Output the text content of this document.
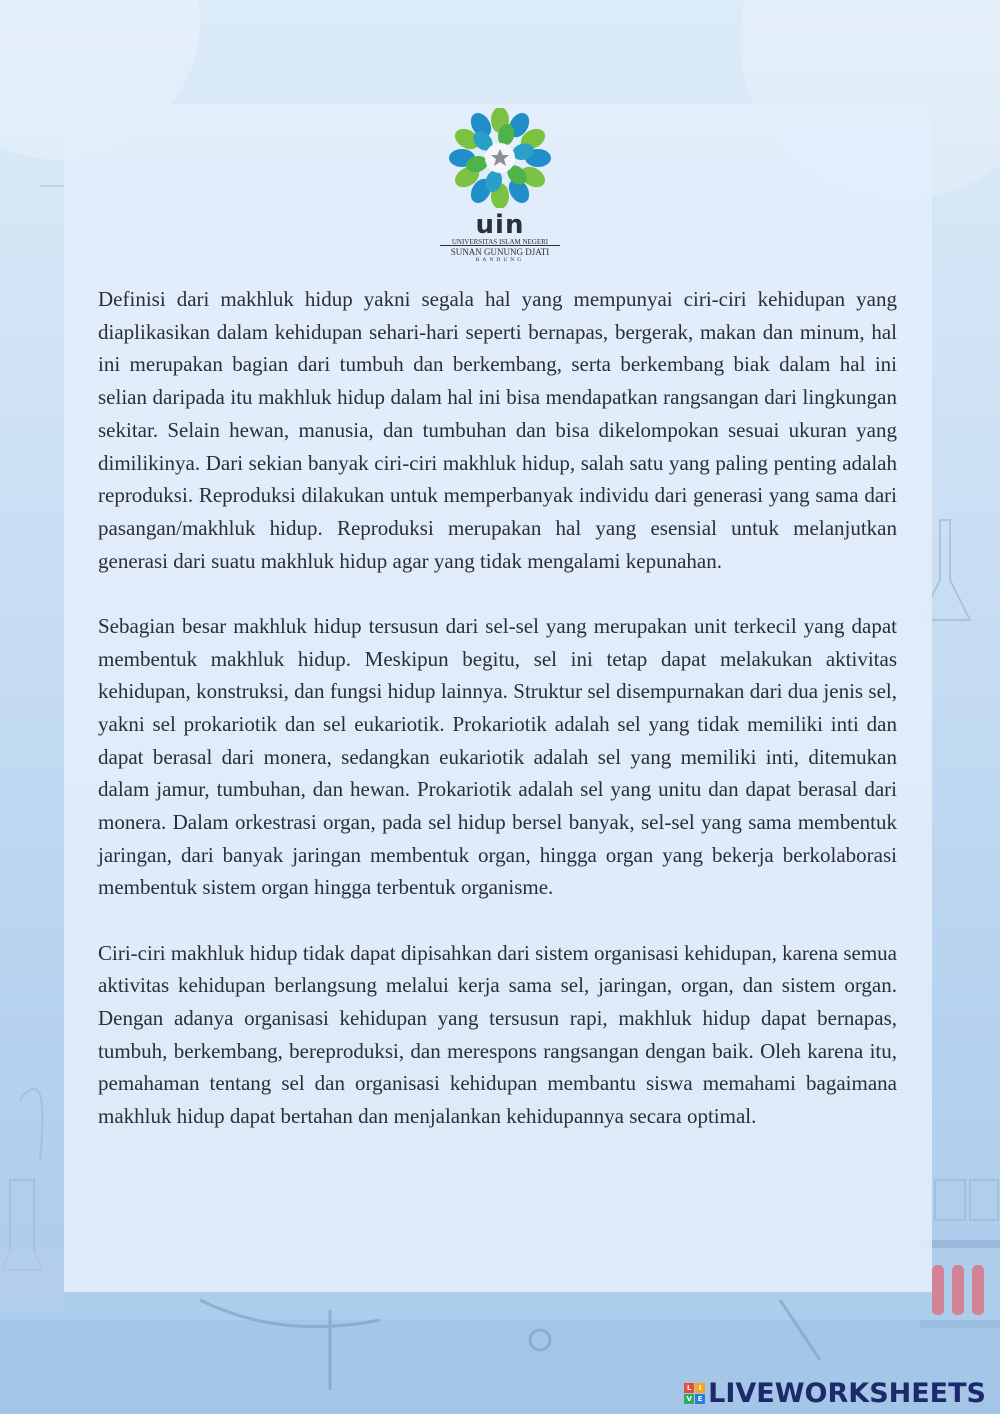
uin
UNIVERSITAS ISLAM NEGERI
SUNAN GUNUNG DJATI
BANDUNG

Definisi dari makhluk hidup yakni segala hal yang mempunyai ciri-ciri kehidupan yang diaplikasikan dalam kehidupan sehari-hari seperti bernapas, bergerak, makan dan minum, hal ini merupakan bagian dari tumbuh dan berkembang, serta berkembang biak dalam hal ini selian daripada itu makhluk hidup dalam hal ini bisa mendapatkan rangsangan dari lingkungan sekitar. Selain hewan, manusia, dan tumbuhan dan bisa dikelompokan sesuai ukuran yang dimilikinya. Dari sekian banyak ciri-ciri makhluk hidup, salah satu yang paling penting adalah reproduksi. Reproduksi dilakukan untuk memperbanyak individu dari generasi yang sama dari pasangan/makhluk hidup. Reproduksi merupakan hal yang esensial untuk melanjutkan generasi dari suatu makhluk hidup agar yang tidak mengalami kepunahan.

Sebagian besar makhluk hidup tersusun dari sel-sel yang merupakan unit terkecil yang dapat membentuk makhluk hidup. Meskipun begitu, sel ini tetap dapat melakukan aktivitas kehidupan, konstruksi, dan fungsi hidup lainnya. Struktur sel disempurnakan dari dua jenis sel, yakni sel prokariotik dan sel eukariotik. Prokariotik adalah sel yang tidak memiliki inti dan dapat berasal dari monera, sedangkan eukariotik adalah sel yang memiliki inti, ditemukan dalam jamur, tumbuhan, dan hewan. Prokariotik adalah sel yang unitu dan dapat berasal dari monera. Dalam orkestrasi organ, pada sel hidup bersel banyak, sel-sel yang sama membentuk jaringan, dari banyak jaringan membentuk organ, hingga organ yang bekerja berkolaborasi membentuk sistem organ hingga terbentuk organisme.

Ciri-ciri makhluk hidup tidak dapat dipisahkan dari sistem organisasi kehidupan, karena semua aktivitas kehidupan berlangsung melalui kerja sama sel, jaringan, organ, dan sistem organ. Dengan adanya organisasi kehidupan yang tersusun rapi, makhluk hidup dapat bernapas, tumbuh, berkembang, bereproduksi, dan merespons rangsangan dengan baik. Oleh karena itu, pemahaman tentang sel dan organisasi kehidupan membantu siswa memahami bagaimana makhluk hidup dapat bertahan dan menjalankan kehidupannya secara optimal.

L	I
V E LIVEWORKSHEETS
